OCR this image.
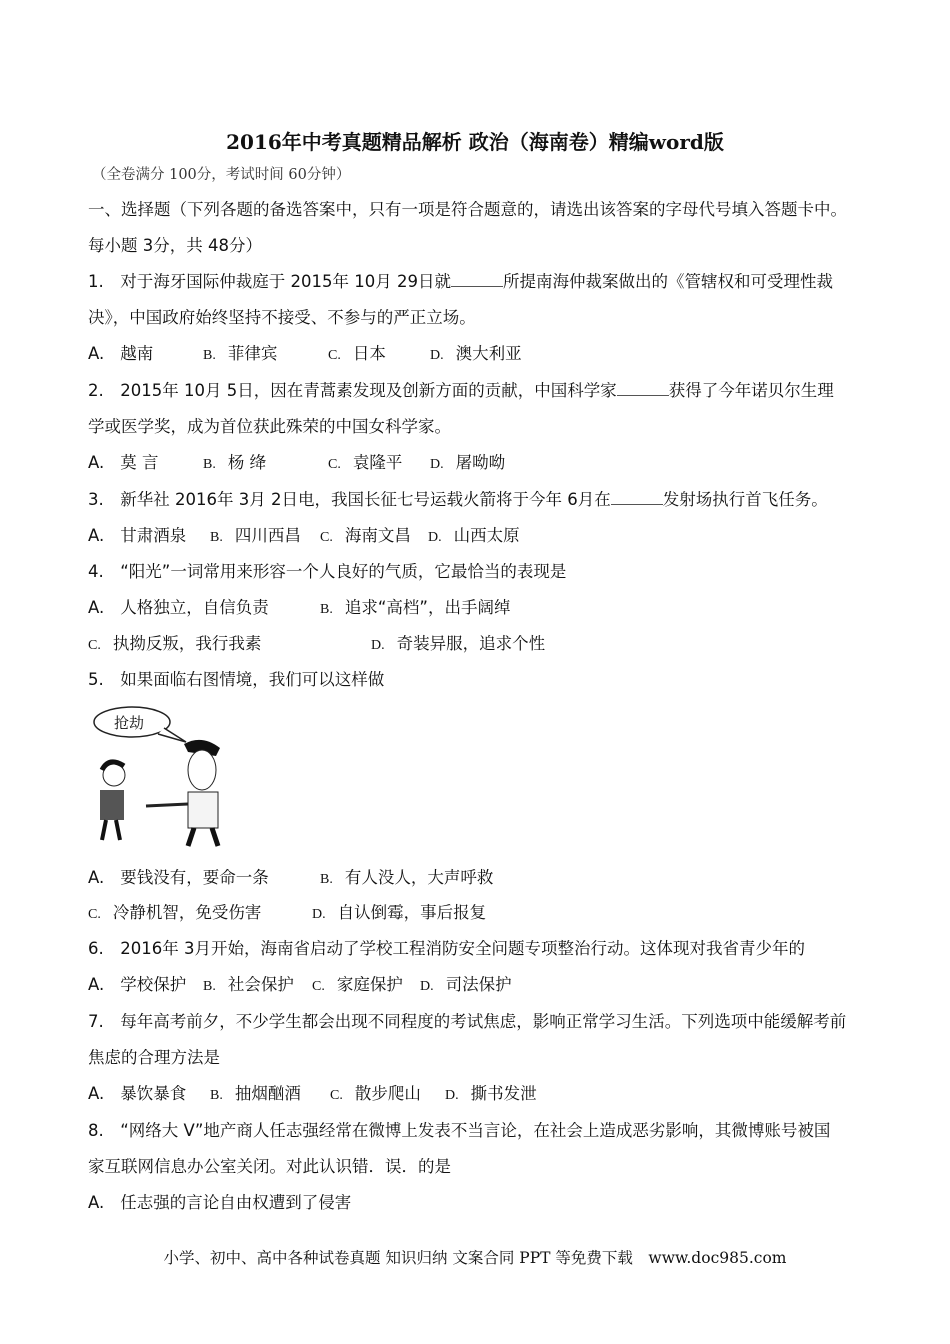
2016年中考真题精品解析 政治（海南卷）精编word版
（全卷满分 100分，考试时间 60分钟）
一、选择题（下列各题的备选答案中，只有一项是符合题意的，请选出该答案的字母代号填入答题卡中。
每小题 3分，共 48分）
1.　对于海牙国际仲裁庭于 2015年 10月 29日就	所提南海仲裁案做出的《管辖权和可受理性裁
决》，中国政府始终坚持不接受、不参与的严正立场。
A. 越南	B. 菲律宾	C. 日本	D. 澳大利亚
2.　2015年 10月 5日，因在青蒿素发现及创新方面的贡献，中国科学家	获得了今年诺贝尔生理
学或医学奖，成为首位获此殊荣的中国女科学家。
A. 莫 言	B. 杨 绛	C. 袁隆平 D. 屠呦呦
3.　新华社 2016年 3月 2日电，我国长征七号运载火箭将于今年 6月在	发射场执行首飞任务。
A. 甘肃酒泉 B. 四川西昌 C. 海南文昌 D. 山西太原
4.　“阳光”一词常用来形容一个人良好的气质，它最恰当的表现是
A. 人格独立，自信负责	B. 追求“高档”，出手阔绰
C. 执拗反叛，我行我素	D. 奇装异服，追求个性
5.　如果面临右图情境，我们可以这样做
抢劫
A. 要钱没有，要命一条	B. 有人没人，大声呼救
C. 冷静机智，免受伤害	D. 自认倒霉，事后报复
6.　2016年 3月开始，海南省启动了学校工程消防安全问题专项整治行动。这体现对我省青少年的
A. 学校保护 B. 社会保护 C. 家庭保护 D. 司法保护
7.　每年高考前夕，不少学生都会出现不同程度的考试焦虑，影响正常学习生活。下列选项中能缓解考前
焦虑的合理方法是
A. 暴饮暴食 B. 抽烟酗酒 C. 散步爬山 D. 撕书发泄
8.　“网络大 V”地产商人任志强经常在微博上发表不当言论，在社会上造成恶劣影响，其微博账号被国
家互联网信息办公室关闭。对此认识错．误．的是
A. 任志强的言论自由权遭到了侵害
小学、初中、高中各种试卷真题 知识归纳 文案合同 PPT 等免费下载　www.doc985.com
